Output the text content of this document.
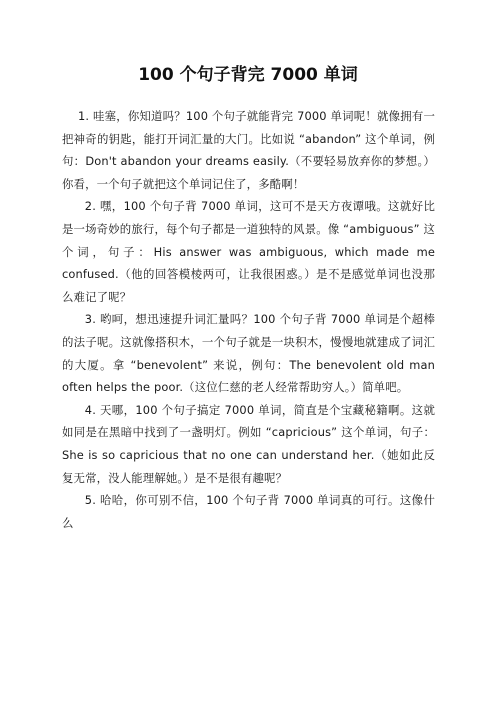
100 个句子背完 7000 单词

1. 哇塞，你知道吗？100 个句子就能背完 7000 单词呢！就像拥有一把神奇的钥匙，能打开词汇量的大门。比如说 “abandon” 这个单词，例句：Don't abandon your dreams easily.（不要轻易放弃你的梦想。）你看，一个句子就把这个单词记住了，多酷啊！

2. 嘿，100 个句子背 7000 单词，这可不是天方夜谭哦。这就好比是一场奇妙的旅行，每个句子都是一道独特的风景。像 “ambiguous” 这个词，句子：His answer was ambiguous, which made me confused.（他的回答模棱两可，让我很困惑。）是不是感觉单词也没那么难记了呢？

3. 哟呵，想迅速提升词汇量吗？100 个句子背 7000 单词是个超棒的法子呢。这就像搭积木，一个句子就是一块积木，慢慢地就建成了词汇的大厦。拿 “benevolent” 来说，例句：The benevolent old man often helps the poor.（这位仁慈的老人经常帮助穷人。）简单吧。

4. 天哪，100 个句子搞定 7000 单词，简直是个宝藏秘籍啊。这就如同是在黑暗中找到了一盏明灯。例如 “capricious” 这个单词，句子：She is so capricious that no one can understand her.（她如此反复无常，没人能理解她。）是不是很有趣呢？

5. 哈哈，你可别不信，100 个句子背 7000 单词真的可行。这像什么
